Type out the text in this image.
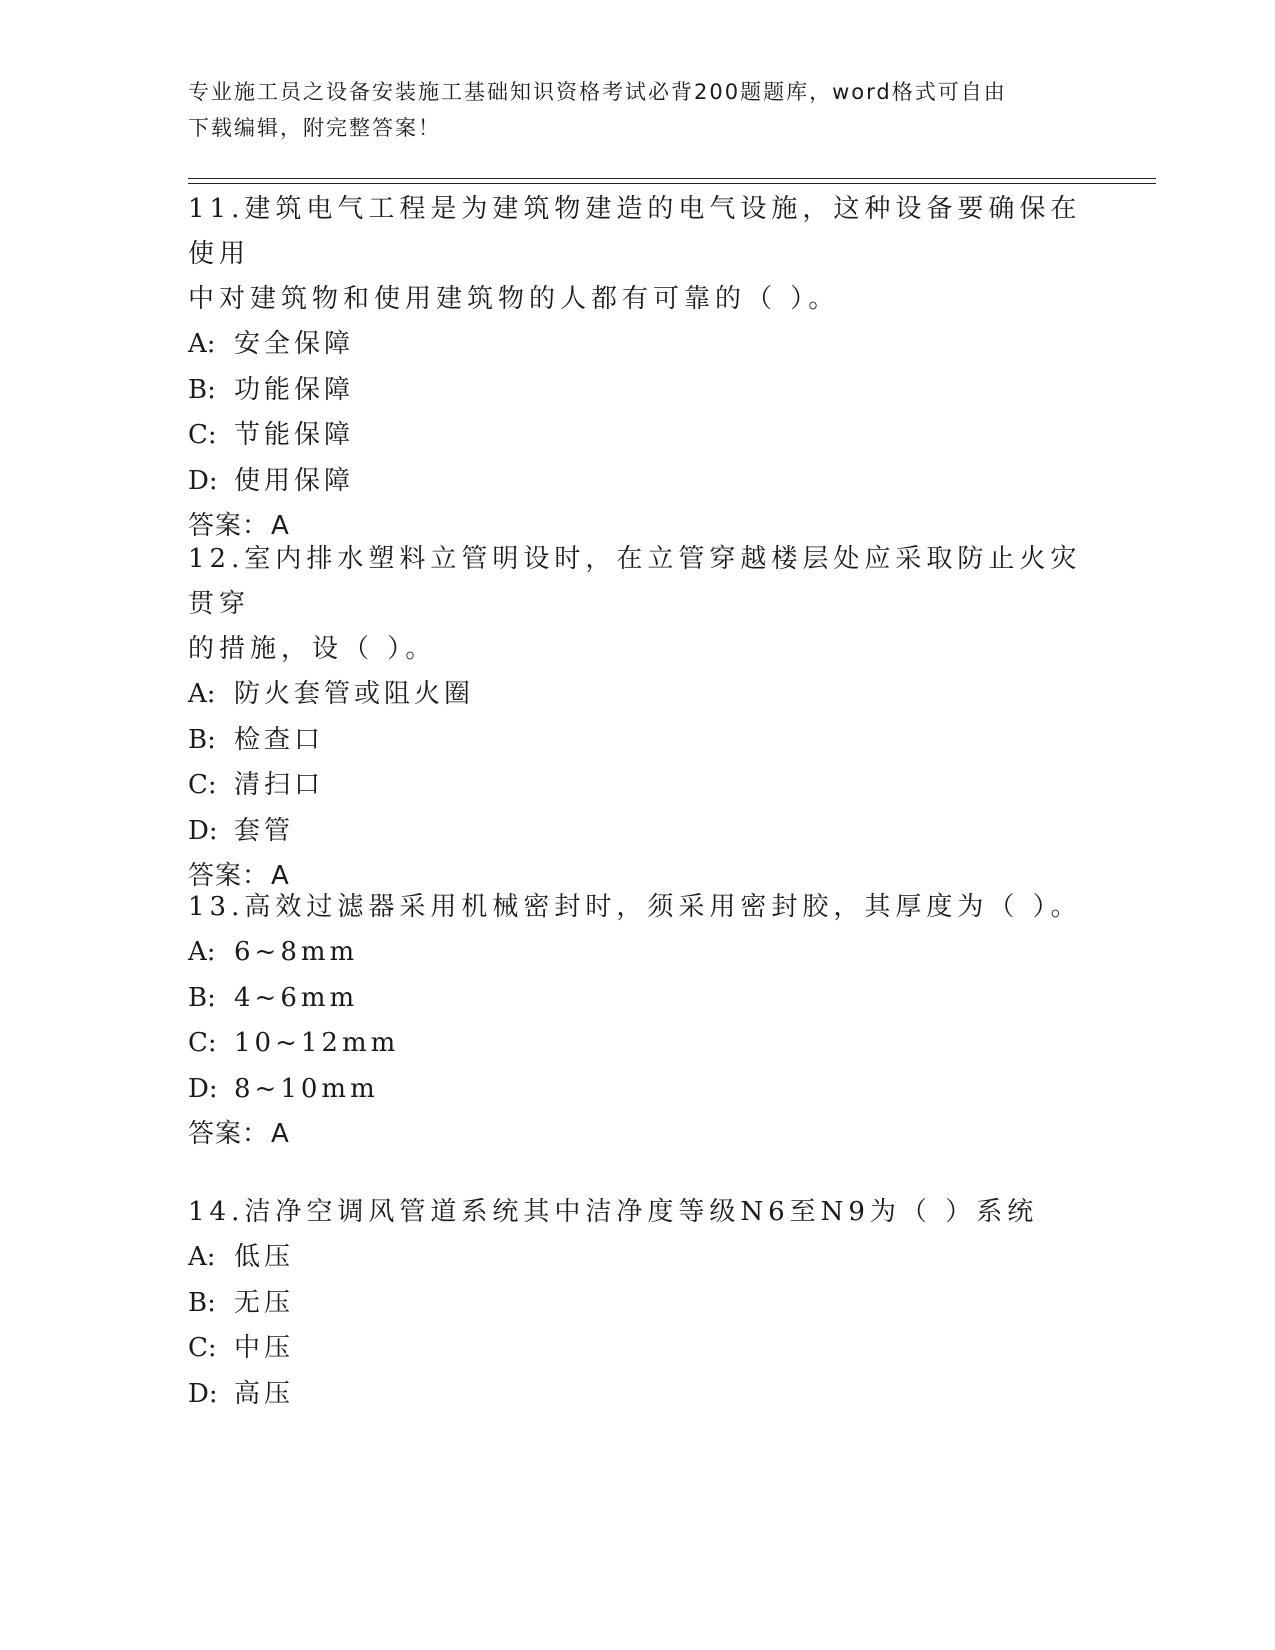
专业施工员之设备安装施工基础知识资格考试必背200题题库，word格式可自由
下载编辑，附完整答案！

11.建筑电气工程是为建筑物建造的电气设施，这种设备要确保在使用

中对建筑物和使用建筑物的人都有可靠的（ ）。

A: 安全保障

B: 功能保障

C: 节能保障

D: 使用保障

答案：A

12.室内排水塑料立管明设时，在立管穿越楼层处应采取防止火灾贯穿

的措施，设（ ）。

A: 防火套管或阻火圈

B: 检查口

C: 清扫口

D: 套管

答案：A

13.高效过滤器采用机械密封时，须采用密封胶，其厚度为（ ）。

A: 6~8mm

B: 4~6mm

C: 10~12mm

D: 8~10mm

答案：A

14.洁净空调风管道系统其中洁净度等级N6至N9为（ ）系统

A: 低压

B: 无压

C: 中压

D: 高压
